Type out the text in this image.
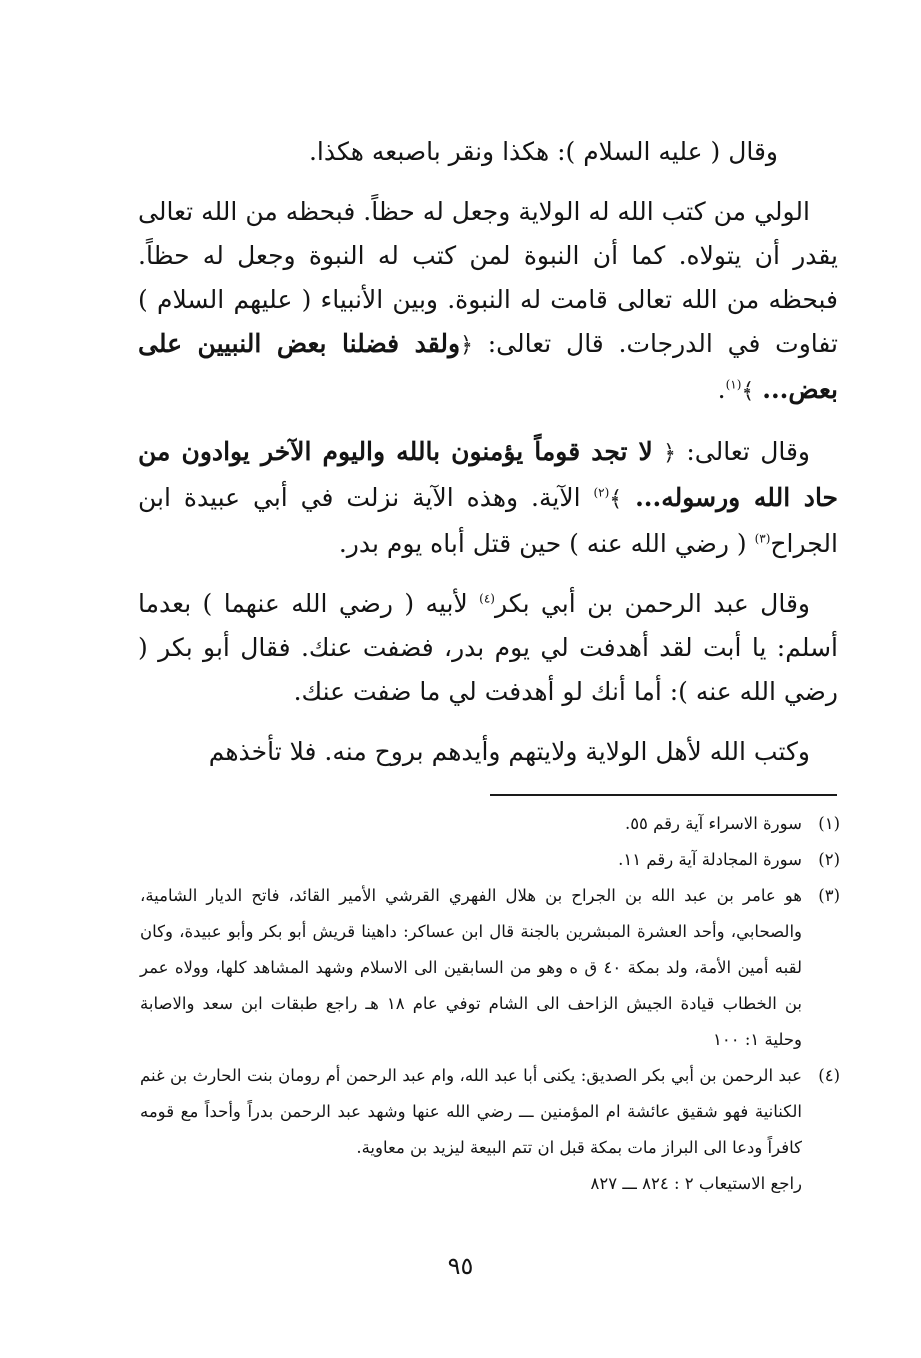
وقال ( عليه السلام ): هكذا ونقر باصبعه هكذا.

الولي من كتب الله له الولاية وجعل له حظاً. فبحظه من الله تعالى يقدر أن يتولاه. كما أن النبوة لمن كتب له النبوة وجعل له حظاً. فبحظه من الله تعالى قامت له النبوة. وبين الأنبياء ( عليهم السلام ) تفاوت في الدرجات. قال تعالى: ﴿ولقد فضلنا بعض النبيين على بعض... ﴾$^{(١)}$.

وقال تعالى: ﴿ لا تجد قوماً يؤمنون بالله واليوم الآخر يوادون من حاد الله ورسوله... ﴾$^{(٢)}$ الآية. وهذه الآية نزلت في أبي عبيدة ابن الجراح$^{(٣)}$ ( رضي الله عنه ) حين قتل أباه يوم بدر.

وقال عبد الرحمن بن أبي بكر$^{(٤)}$ لأبيه ( رضي الله عنهما ) بعدما أسلم: يا أبت لقد أهدفت لي يوم بدر، فضفت عنك. فقال أبو بكر ( رضي الله عنه ): أما أنك لو أهدفت لي ما ضفت عنك.

وكتب الله لأهل الولاية ولايتهم وأيدهم بروح منه. فلا تأخذهم

(١)
سورة الاسراء آية رقم ٥٥.
(٢)
سورة المجادلة آية رقم ١١.
(٣)
هو عامر بن عبد الله بن الجراح بن هلال الفهري القرشي الأمير القائد، فاتح الديار الشامية، والصحابي، وأحد العشرة المبشرين بالجنة قال ابن عساكر: داهينا قريش أبو بكر وأبو عبيدة، وكان لقبه أمين الأمة، ولد بمكة ٤٠ ق ه وهو من السابقين الى الاسلام وشهد المشاهد كلها، وولاه عمر بن الخطاب قيادة الجيش الزاحف الى الشام توفي عام ١٨ هـ راجع طبقات ابن سعد والاصابة وحلية ١: ١٠٠
(٤)
عبد الرحمن بن أبي بكر الصديق: يكنى أبا عبد الله، وام عبد الرحمن أم رومان بنت الحارث بن غنم الكنانية فهو شقيق عائشة ام المؤمنين ـــ رضي الله عنها وشهد عبد الرحمن بدراً وأحداً مع قومه كافراً ودعا الى البراز مات بمكة قبل ان تتم البيعة ليزيد بن معاوية.

راجع الاستيعاب ٢ : ٨٢٤ ـــ ٨٢٧

٩٥
